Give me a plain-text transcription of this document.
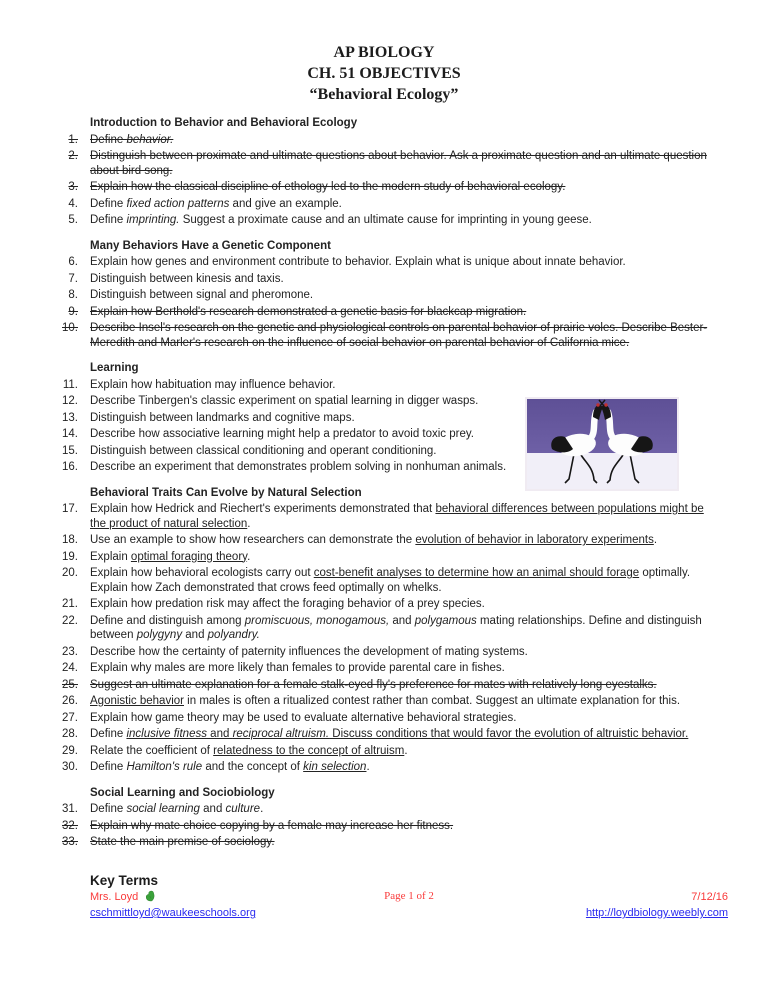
AP BIOLOGY
CH. 51 OBJECTIVES
“Behavioral Ecology”
Introduction to Behavior and Behavioral Ecology
1.	Define behavior.
2.	Distinguish between proximate and ultimate questions about behavior. Ask a proximate question and an ultimate question about bird song.
3.	Explain how the classical discipline of ethology led to the modern study of behavioral ecology.
4.	Define fixed action patterns and give an example.
5.	Define imprinting. Suggest a proximate cause and an ultimate cause for imprinting in young geese.
Many Behaviors Have a Genetic Component
6.	Explain how genes and environment contribute to behavior. Explain what is unique about innate behavior.
7.	Distinguish between kinesis and taxis.
8.	Distinguish between signal and pheromone.
9.	Explain how Berthold's research demonstrated a genetic basis for blackcap migration.
10.	Describe Insel's research on the genetic and physiological controls on parental behavior of prairie voles. Describe Bester-Meredith and Marler's research on the influence of social behavior on parental behavior of California mice.
Learning
11.	Explain how habituation may influence behavior.
12.	Describe Tinbergen's classic experiment on spatial learning in digger wasps.
13.	Distinguish between landmarks and cognitive maps.
14.	Describe how associative learning might help a predator to avoid toxic prey.
15.	Distinguish between classical conditioning and operant conditioning.
16.	Describe an experiment that demonstrates problem solving in nonhuman animals.
Behavioral Traits Can Evolve by Natural Selection
17.	Explain how Hedrick and Riechert's experiments demonstrated that behavioral differences between populations might be the product of natural selection.
18.	Use an example to show how researchers can demonstrate the evolution of behavior in laboratory experiments.
19.	Explain optimal foraging theory.
20.	Explain how behavioral ecologists carry out cost-benefit analyses to determine how an animal should forage optimally. Explain how Zach demonstrated that crows feed optimally on whelks.
21.	Explain how predation risk may affect the foraging behavior of a prey species.
22.	Define and distinguish among promiscuous, monogamous, and polygamous mating relationships. Define and distinguish between polygyny and polyandry.
23.	Describe how the certainty of paternity influences the development of mating systems.
24.	Explain why males are more likely than females to provide parental care in fishes.
25.	Suggest an ultimate explanation for a female stalk-eyed fly's preference for mates with relatively long eyestalks.
26.	Agonistic behavior in males is often a ritualized contest rather than combat. Suggest an ultimate explanation for this.
27.	Explain how game theory may be used to evaluate alternative behavioral strategies.
28.	Define inclusive fitness and reciprocal altruism. Discuss conditions that would favor the evolution of altruistic behavior.
29.	Relate the coefficient of relatedness to the concept of altruism.
30.	Define Hamilton's rule and the concept of kin selection.
Social Learning and Sociobiology
31.	Define social learning and culture.
32.	Explain why mate choice copying by a female may increase her fitness.
33.	State the main premise of sociology.
Key Terms
Mrs. Loyd	Page 1 of 2	7/12/16
cschmittloyd@waukeeschools.org	http://loydbiology.weebly.com
